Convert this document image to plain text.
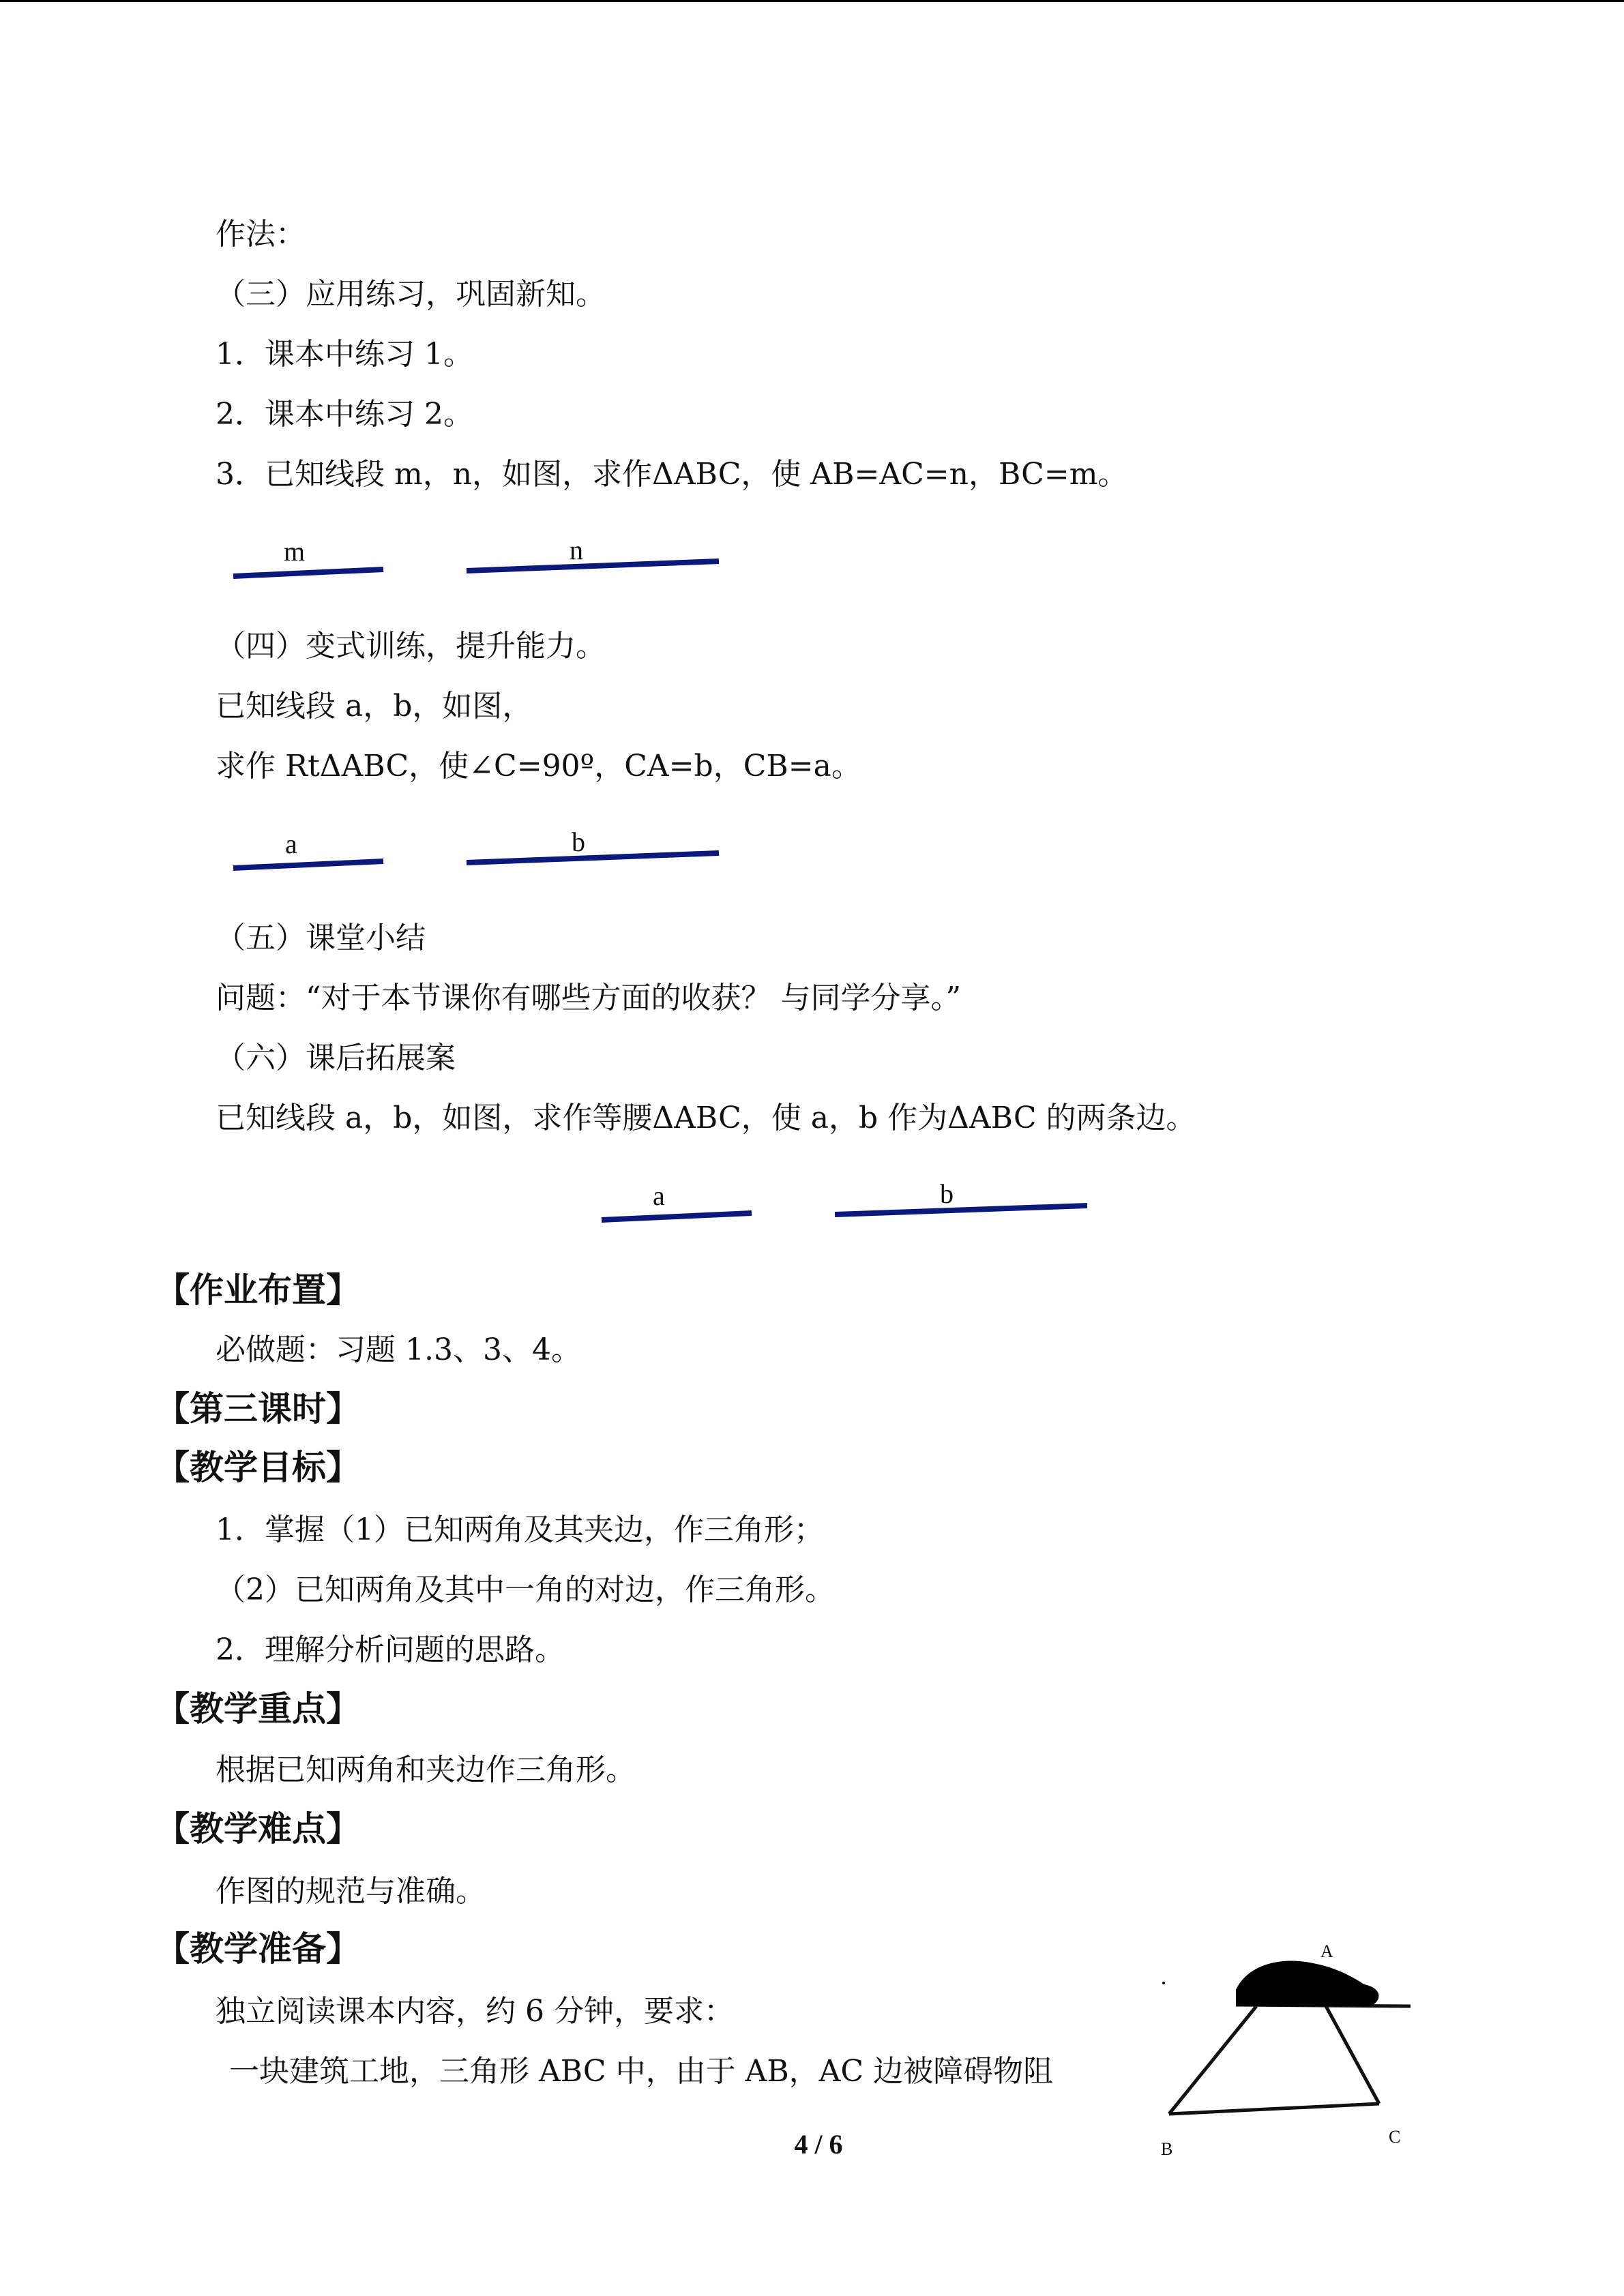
作法：

（三）应用练习，巩固新知。

1．课本中练习 1。

2．课本中练习 2。

3．已知线段 m，n，如图，求作ΔABC，使 AB=AC=n，BC=m。

（四）变式训练，提升能力。

已知线段 a，b，如图，

求作 RtΔABC，使∠C=90º，CA=b，CB=a。

（五）课堂小结

问题：“对于本节课你有哪些方面的收获？ 与同学分享。”

（六）课后拓展案

已知线段 a，b，如图，求作等腰ΔABC，使 a，b 作为ΔABC 的两条边。

【作业布置】

必做题：习题 1.3、3、4。

【第三课时】

【教学目标】

1．掌握（1）已知两角及其夹边，作三角形；

（2）已知两角及其中一角的对边，作三角形。

2．理解分析问题的思路。

【教学重点】

根据已知两角和夹边作三角形。

【教学难点】

作图的规范与准确。

【教学准备】

独立阅读课本内容，约 6 分钟，要求：

一块建筑工地，三角形 ABC 中，由于 AB，AC 边被障碍物阻

m	n
a	b
a	b
A
B
C
4 / 6
